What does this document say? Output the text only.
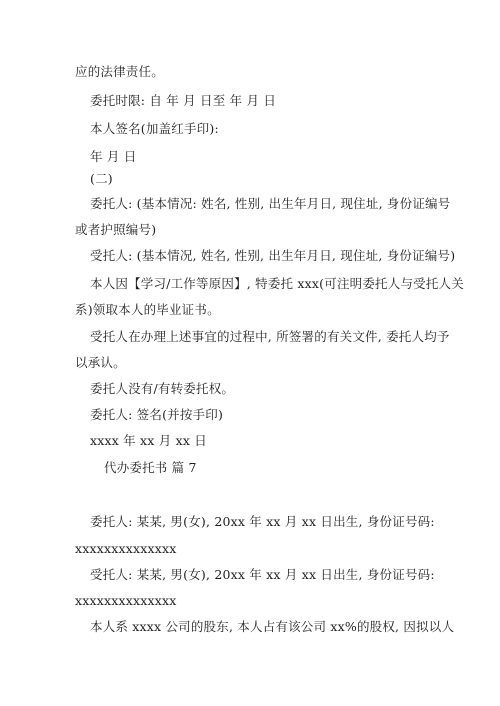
应的法律责任。
委托时限: 自 年 月 日至 年 月 日
本人签名(加盖红手印):
年 月 日
(二)
委托人: (基本情况: 姓名, 性别, 出生年月日, 现住址, 身份证编号
或者护照编号)
受托人: (基本情况, 姓名, 性别, 出生年月日, 现住址, 身份证编号)
本人因【学习/工作等原因】, 特委托 xxx(可注明委托人与受托人关
系)领取本人的毕业证书。
受托人在办理上述事宜的过程中, 所签署的有关文件, 委托人均予
以承认。
委托人没有/有转委托权。
委托人: 签名(并按手印)
xxxx 年 xx 月 xx 日
代办委托书 篇 7
委托人: 某某, 男(女), 20xx 年 xx 月 xx 日出生, 身份证号码:
xxxxxxxxxxxxxx
受托人: 某某, 男(女), 20xx 年 xx 月 xx 日出生, 身份证号码:
xxxxxxxxxxxxxx
本人系 xxxx 公司的股东, 本人占有该公司 xx%的股权, 因拟以人
